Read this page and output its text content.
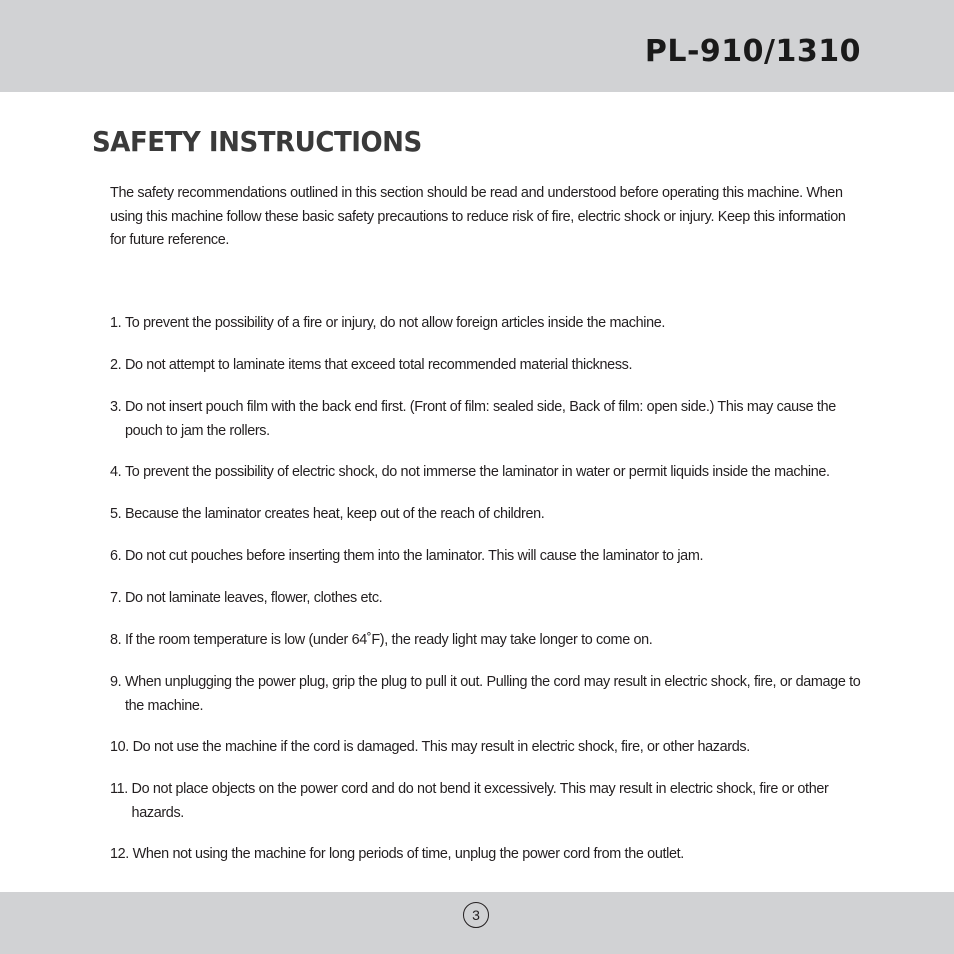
PL-910/1310
SAFETY INSTRUCTIONS

The safety recommendations outlined in this section should be read and understood before operating this machine. When using this machine follow these basic safety precautions to reduce risk of fire, electric shock or injury. Keep this information for future reference.

1. To prevent the possibility of a fire or injury, do not allow foreign articles inside the machine.
2. Do not attempt to laminate items that exceed total recommended material thickness.
3. Do not insert pouch film with the back end first. (Front of film: sealed side, Back of film: open side.) This may cause the pouch to jam the rollers.
4. To prevent the possibility of electric shock, do not immerse the laminator in water or permit liquids inside the machine.
5. Because the laminator creates heat, keep out of the reach of children.
6. Do not cut pouches before inserting them into the laminator. This will cause the laminator to jam.
7. Do not laminate leaves, flower, clothes etc.
8. If the room temperature is low (under 64˚F), the ready light may take longer to come on.
9. When unplugging the power plug, grip the plug to pull it out. Pulling the cord may result in electric shock, fire, or damage to the machine.
10. Do not use the machine if the cord is damaged. This may result in electric shock, fire, or other hazards.
11. Do not place objects on the power cord and do not bend it excessively. This may result in electric shock, fire or other hazards.
12. When not using the machine for long periods of time, unplug the power cord from the outlet.
3
